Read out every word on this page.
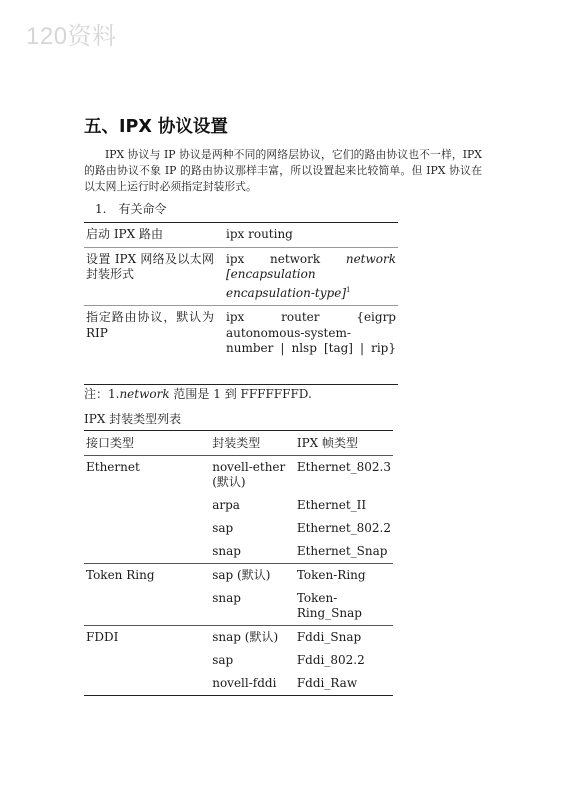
120资料
五、IPX 协议设置

IPX 协议与 IP 协议是两种不同的网络层协议，它们的路由协议也不一样，IPX 的路由协议不象 IP 的路由协议那样丰富，所以设置起来比较简单。但 IPX 协议在以太网上运行时必须指定封装形式。

1. 有关命令

启动 IPX 路由	ipx routing
设置 IPX 网络及以太网封装形式	ipx network network [encapsulation encapsulation-type]$^1$
指定路由协议，默认为 RIP	ipx router {eigrp autonomous-system-number | nlsp [tag] | rip}

注：1.network 范围是 1 到 FFFFFFFD.

IPX 封装类型列表

接口类型	封装类型	IPX 帧类型
Ethernet	novell-ether (默认)	Ethernet_802.3
	arpa	Ethernet_II
	sap	Ethernet_802.2
	snap	Ethernet_Snap
Token Ring	sap (默认)	Token-Ring
	snap	Token-Ring_Snap
FDDI	snap (默认)	Fddi_Snap
	sap	Fddi_802.2
	novell-fddi	Fddi_Raw
